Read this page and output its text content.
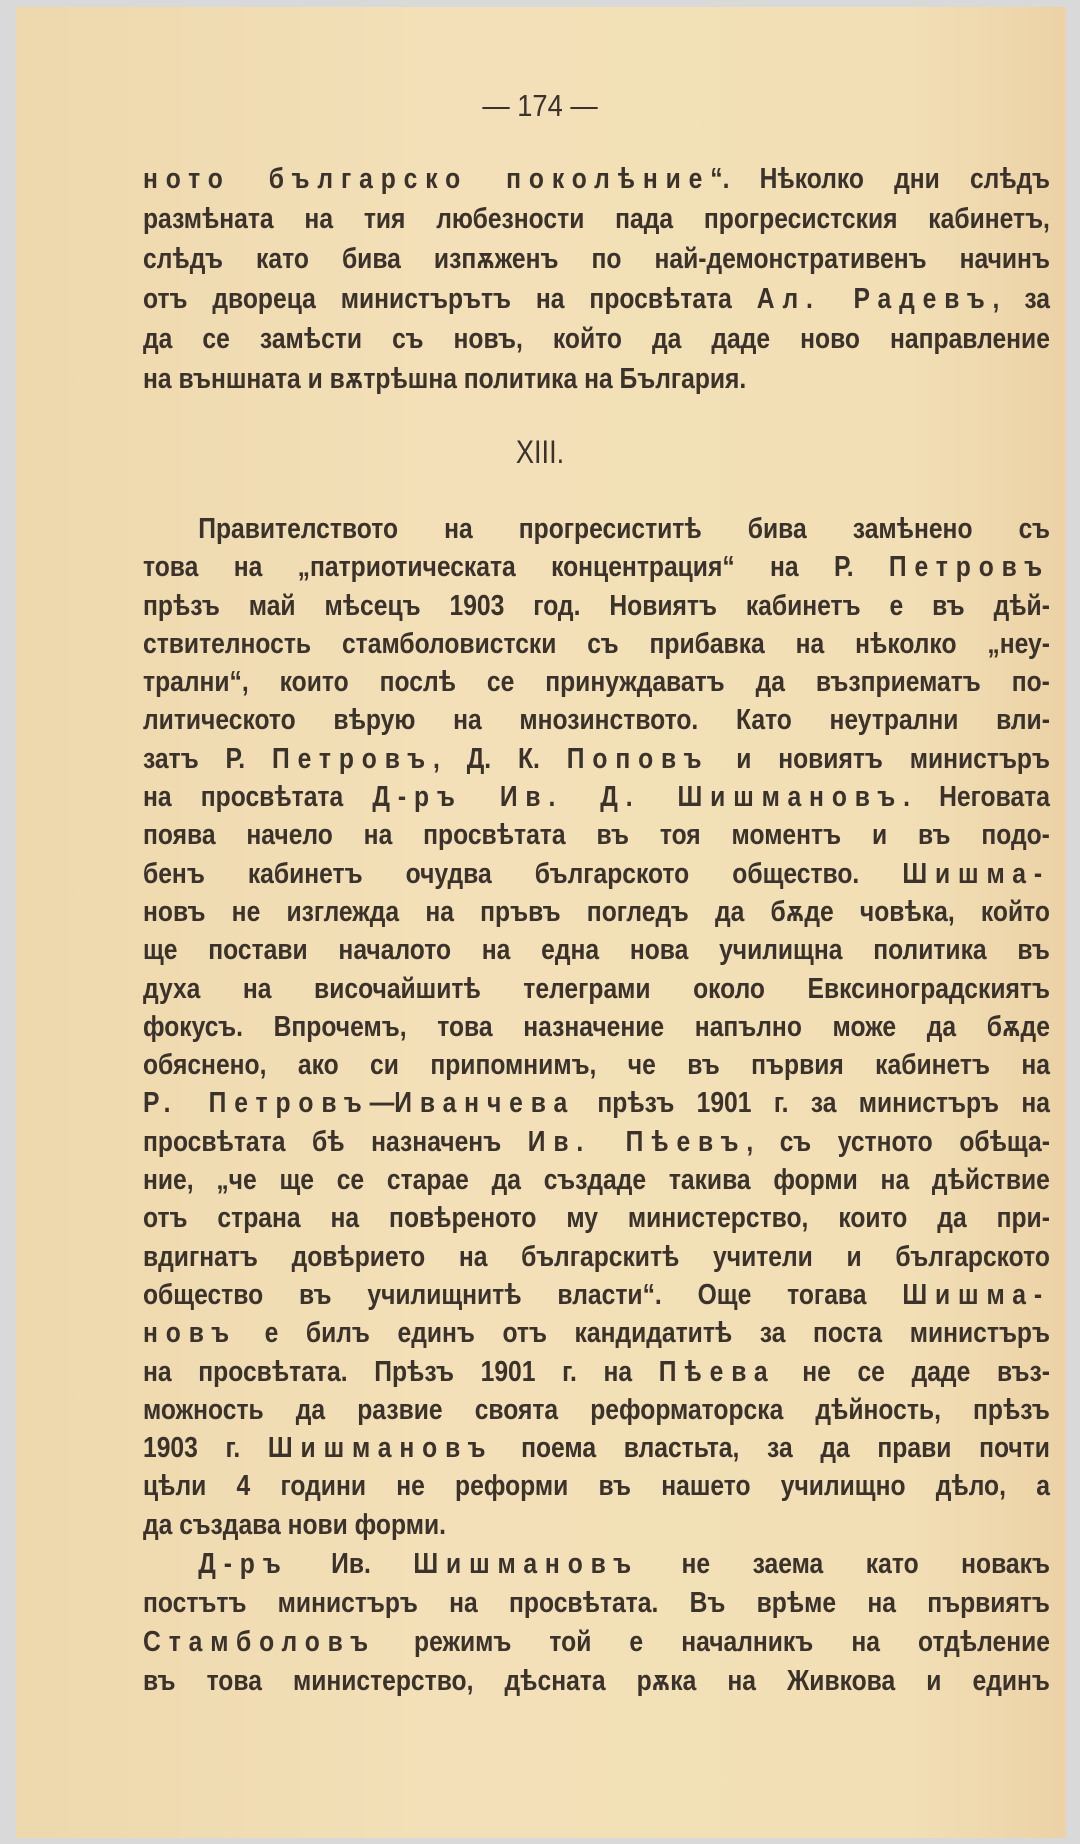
— 174 —
ното българско поколѣние “. Нѣколко дни слѣдъ
размѣната на тия любезности пада прогресистския кабинетъ,
слѣдъ като бива изпѫженъ по най-демонстративенъ начинъ
отъ двореца министърътъ на просвѣтата Ал. Радевъ , за
да се замѣсти съ новъ, който да даде ново направление
на външната и вѫтрѣшна политика на България.
XIII.
Правителството на прогресиститѣ бива замѣнено съ
това на „патриотическата концентрация“ на Р. Петровъ
прѣзъ май мѣсецъ 1903 год. Новиятъ кабинетъ е въ дѣй-
ствителность стамболовистски съ прибавка на нѣколко „неу-
трални“, които послѣ се принуждаватъ да възприематъ по-
литическото вѣрую на мнозинството. Като неутрални вли-
затъ Р. Петровъ , Д. К. Поповъ и новиятъ министъръ
на просвѣтата Д-ръ Ив. Д. Шишмановъ . Неговата
поява начело на просвѣтата въ тоя моментъ и въ подо-
бенъ кабинетъ очудва българското общество. Шишма-
новъ не изглежда на пръвъ погледъ да бѫде човѣка, който
ще постави началото на една нова училищна политика въ
духа на височайшитѣ телеграми около Евксиноградскиятъ
фокусъ. Впрочемъ, това назначение напълно може да бѫде
обяснено, ако си припомнимъ, че въ първия кабинетъ на
Р. Петровъ — Иванчева прѣзъ 1901 г. за министъръ на
просвѣтата бѣ назначенъ Ив. Пѣевъ , съ устното обѣща-
ние, „че ще се старае да създаде такива форми на дѣйствие
отъ страна на повѣреното му министерство, които да при-
вдигнатъ довѣрието на българскитѣ учители и българското
общество въ училищнитѣ власти“. Още тогава Шишма-
новъ е билъ единъ отъ кандидатитѣ за поста министъръ
на просвѣтата. Прѣзъ 1901 г. на Пѣева не се даде въз-
можность да развие своята реформаторска дѣйность, прѣзъ
1903 г. Шишмановъ поема властьта, за да прави почти
цѣли 4 години не реформи въ нашето училищно дѣло, а
да създава нови форми.
Д-ръ Ив. Шишмановъ не заема като новакъ
постътъ министъръ на просвѣтата. Въ врѣме на първиятъ
Стамболовъ режимъ той е началникъ на отдѣление
въ това министерство, дѣсната рѫка на Живкова и единъ
